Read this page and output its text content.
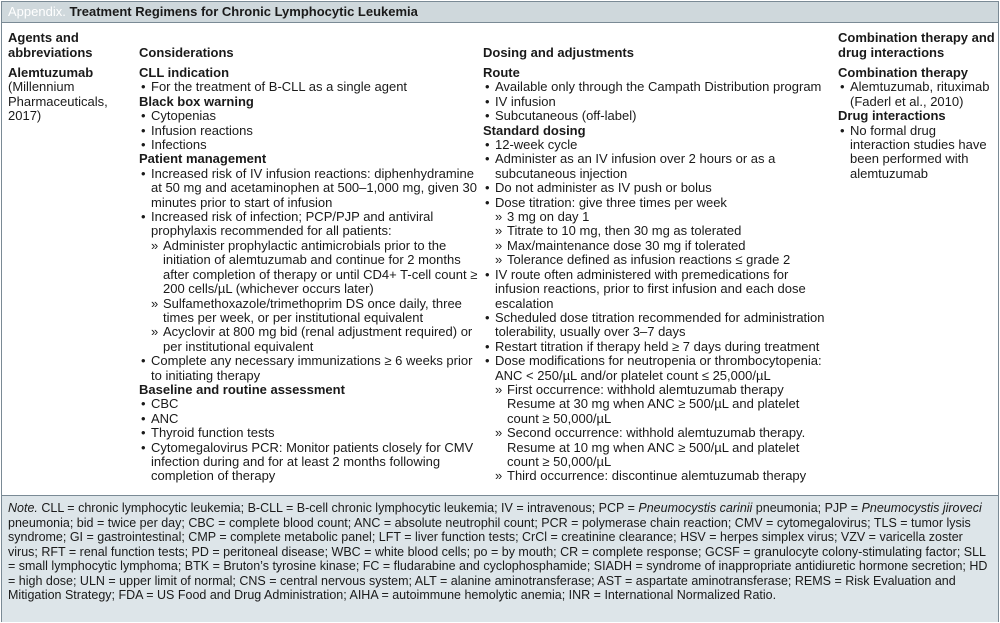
Appendix. Treatment Regimens for Chronic Lymphocytic Leukemia
Agents and abbreviations
Alemtuzumab
(Millennium Pharmaceuticals, 2017)
Considerations
CLL indication
• For the treatment of B-CLL as a single agent
Black box warning
• Cytopenias
• Infusion reactions
• Infections
Patient management
• Increased risk of IV infusion reactions: diphenhydramine at 50 mg and acetaminophen at 500–1,000 mg, given 30 minutes prior to start of infusion
• Increased risk of infection; PCP/PJP and antiviral prophylaxis recommended for all patients:
» Administer prophylactic antimicrobials prior to the initiation of alemtuzumab and continue for 2 months after completion of therapy or until CD4+ T-cell count ≥ 200 cells/µL (whichever occurs later)
» Sulfamethoxazole/trimethoprim DS once daily, three times per week, or per institutional equivalent
» Acyclovir at 800 mg bid (renal adjustment required) or per institutional equivalent
• Complete any necessary immunizations ≥ 6 weeks prior to initiating therapy
Baseline and routine assessment
• CBC
• ANC
• Thyroid function tests
• Cytomegalovirus PCR: Monitor patients closely for CMV infection during and for at least 2 months following completion of therapy
Dosing and adjustments
Route
• Available only through the Campath Distribution program
• IV infusion
• Subcutaneous (off-label)
Standard dosing
• 12-week cycle
• Administer as an IV infusion over 2 hours or as a subcutaneous injection
• Do not administer as IV push or bolus
• Dose titration: give three times per week
» 3 mg on day 1
» Titrate to 10 mg, then 30 mg as tolerated
» Max/maintenance dose 30 mg if tolerated
» Tolerance defined as infusion reactions ≤ grade 2
• IV route often administered with premedications for infusion reactions, prior to first infusion and each dose escalation
• Scheduled dose titration recommended for administration tolerability, usually over 3–7 days
• Restart titration if therapy held ≥ 7 days during treatment
• Dose modifications for neutropenia or thrombocytopenia: ANC < 250/µL and/or platelet count ≤ 25,000/µL
» First occurrence: withhold alemtuzumab therapy
Resume at 30 mg when ANC ≥ 500/µL and platelet count ≥ 50,000/µL
» Second occurrence: withhold alemtuzumab therapy. Resume at 10 mg when ANC ≥ 500/µL and platelet count ≥ 50,000/µL
» Third occurrence: discontinue alemtuzumab therapy
Combination therapy and drug interactions
Combination therapy
• Alemtuzumab, rituximab (Faderl et al., 2010)
Drug interactions
• No formal drug interaction studies have been performed with alemtuzumab

Note. CLL = chronic lymphocytic leukemia; B-CLL = B-cell chronic lymphocytic leukemia; IV = intravenous; PCP = Pneumocystis carinii pneumonia; PJP = Pneumocystis jiroveci pneumonia; bid = twice per day; CBC = complete blood count; ANC = absolute neutrophil count; PCR = polymerase chain reaction; CMV = cytomegalovirus; TLS = tumor lysis syndrome; GI = gastrointestinal; CMP = complete metabolic panel; LFT = liver function tests; CrCl = creatinine clearance; HSV = herpes simplex virus; VZV = varicella zoster virus; RFT = renal function tests; PD = peritoneal disease; WBC = white blood cells; po = by mouth; CR = complete response; GCSF = granulocyte colony-stimulating factor; SLL = small lymphocytic lymphoma; BTK = Bruton’s tyrosine kinase; FC = fludarabine and cyclophosphamide; SIADH = syndrome of inappropriate antidiuretic hormone secretion; HD = high dose; ULN = upper limit of normal; CNS = central nervous system; ALT = alanine aminotransferase; AST = aspartate aminotransferase; REMS = Risk Evaluation and Mitigation Strategy; FDA = US Food and Drug Administration; AIHA = autoimmune hemolytic anemia; INR = International Normalized Ratio.
